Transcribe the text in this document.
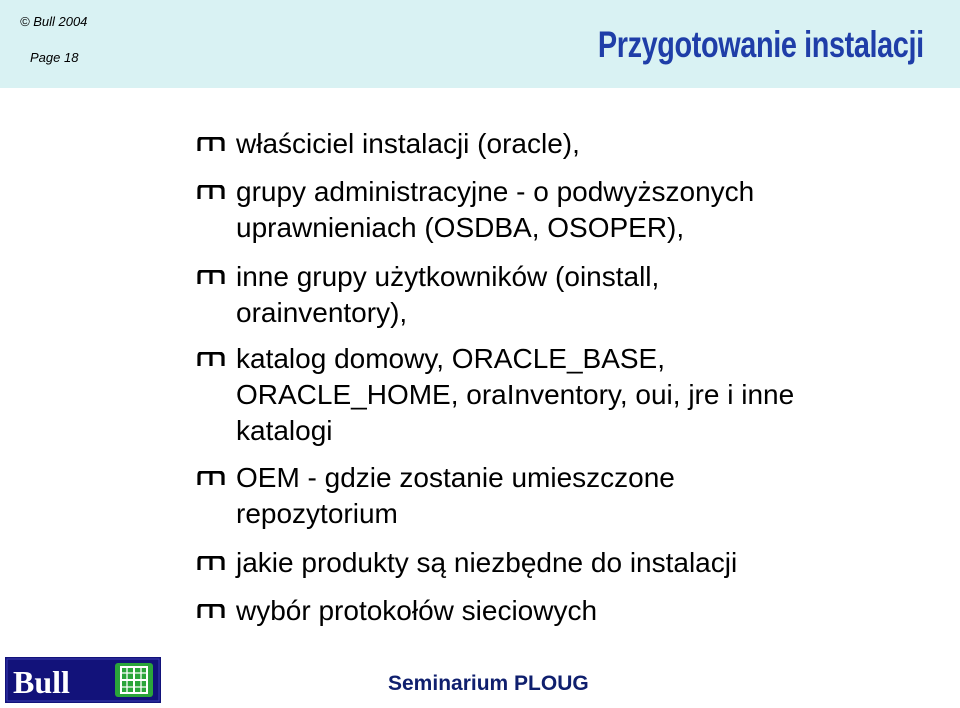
© Bull 2004
Page 18	Przygotowanie instalacji
właściciel instalacji (oracle),
grupy administracyjne - o podwyższonych
uprawnieniach (OSDBA, OSOPER),
inne grupy użytkowników (oinstall,
orainventory),
katalog domowy, ORACLE_BASE,
ORACLE_HOME, oraInventory, oui, jre i inne
katalogi
OEM - gdzie zostanie umieszczone
repozytorium
jakie produkty są niezbędne do instalacji
wybór protokołów sieciowych
Bull	Seminarium PLOUG
